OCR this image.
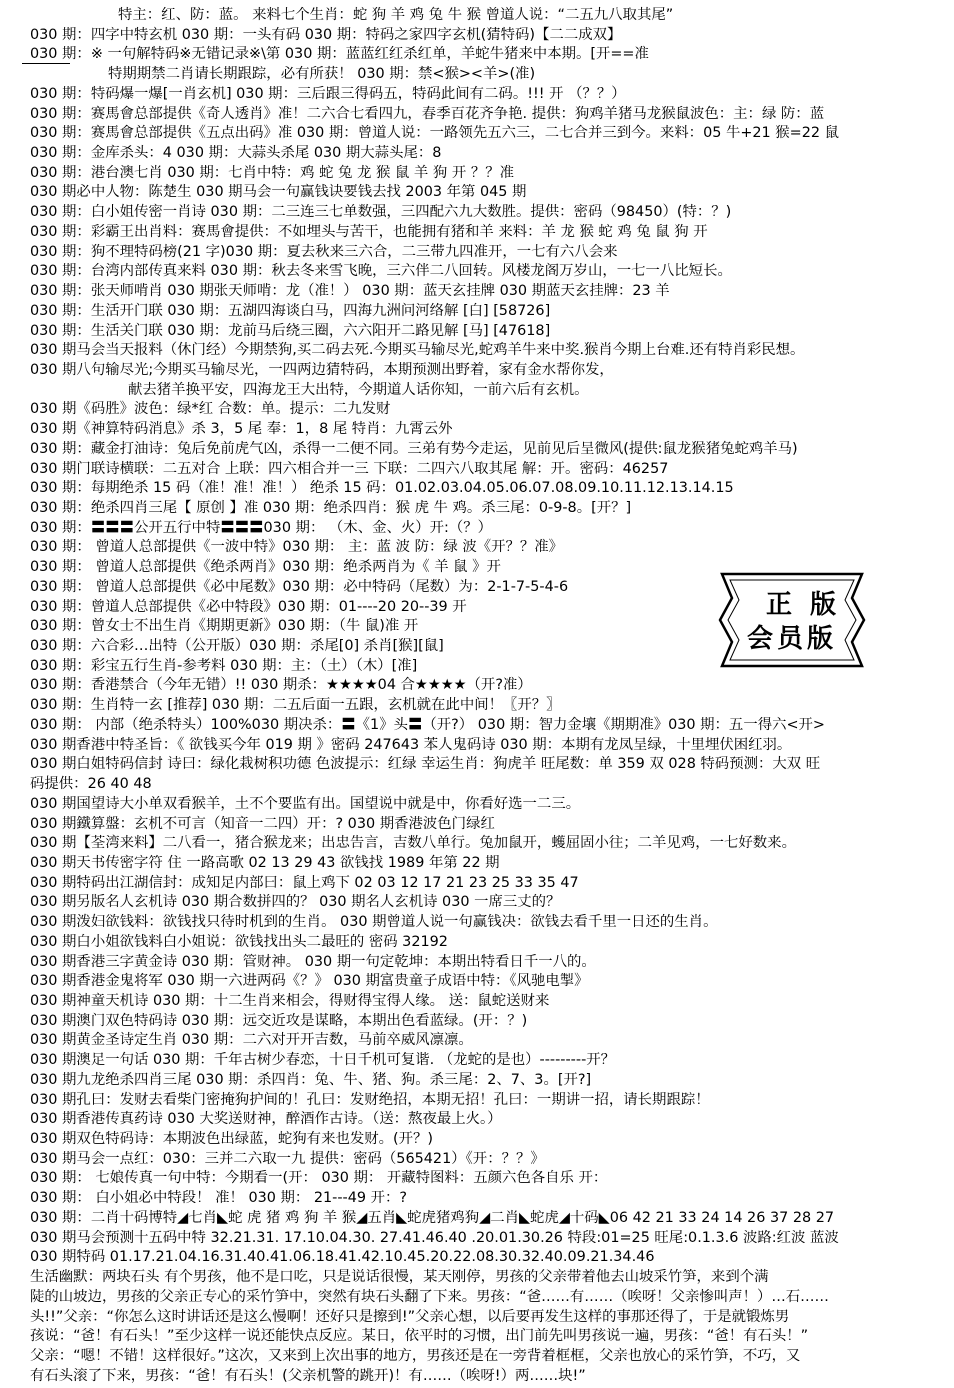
特主：红、防：蓝。 来料七个生肖：蛇 狗 羊 鸡 兔 牛 猴 曾道人说：“二五九八取其尾”
030 期：四字中特玄机 030 期：一头有码 030 期：特码之家四字玄机(猜特码)【二二成双】
030 期：※ 一句解特码※无错记录※\第 030 期：蓝蓝红红杀红单，羊蛇牛猪来中本期。[开==准
特期期禁二肖请长期跟踪，必有所获！ 030 期：禁<猴><羊>(准)
030 期：特码爆一爆[一肖玄机] 030 期：三后跟三得码五，特码此间有二码。!!! 开 （？？）
030 期：赛馬會总部提供《奇人透肖》准！二六合七看四九，春季百花齐争艳. 提供：狗鸡羊猪马龙猴鼠波色：主：绿 防：蓝
030 期：赛馬會总部提供《五点出码》准 030 期：曾道人说：一路领先五六三，二七合并三到今。来料：05 牛+21 猴=22 鼠
030 期：金库杀头：4 030 期：大蒜头杀尾 030 期大蒜头尾：8
030 期：港台澳七肖 030 期：七肖中特：鸡 蛇 兔 龙 猴 鼠 羊 狗 开 ？？准
030 期必中人物：陈楚生 030 期马会一句赢钱诀要钱去找 2003 年第 045 期
030 期：白小姐传密一肖诗 030 期：二三连三七单数强，三四配六九大数胜。提供：密码（98450）(特：？)
030 期：彩霸王出肖料：赛馬會提供：不如埋头与苦干，也能拥有猪和羊 来料：羊 龙 猴 蛇 鸡 兔 鼠 狗 开
030 期：狗不理特码榜(21 字)030 期：夏去秋来三六合，二三带九四准开，一七有六八会来
030 期：台湾内部传真来料 030 期：秋去冬来雪飞晚，三六伴二八回转。风楼龙阁万岁山，一七一八比短长。
030 期：张天师啃肖 030 期张天师啃：龙（准！） 030 期：蓝天玄挂牌 030 期蓝天玄挂牌：23 羊
030 期：生活开门联 030 期：五湖四海谈白马，四海九洲问河络解 [白] [58726]
030 期：生活关门联 030 期：龙前马后绕三圈，六六阳开二路见解 [马] [47618]
030 期马会当天报料（休门经）今期禁狗,买二码去死.今期买马输尽光,蛇鸡羊牛来中奖.猴肖今期上台难.还有特肖彩民想。
030 期八句输尽光;今期买马输尽光，一四两边猜特码，本期预测出野着，家有金水帮你发，
献去猪羊换平安，四海龙王大出特，今期道人话你知，一前六后有玄机。
030 期《码胜》波色：绿*红 合数：单。提示：二九发财
030 期《神算特码消息》杀 3，5 尾 奉：1，8 尾 特肖：九霄云外
030 期：藏金打油诗：兔后免前虎气凶，杀得一二便不同。三弟有势今走运，见前见后呈微风(提供:鼠龙猴猪兔蛇鸡羊马)
030 期门联诗横联：二五对合 上联：四六相合并一三 下联：二四六八取其尾 解：开。密码：46257
030 期：每期绝杀 15 码（准！准！准！） 绝杀 15 码：01.02.03.04.05.06.07.08.09.10.11.12.13.14.15
030 期：绝杀四肖三尾【 原创 】准 030 期：绝杀四肖：猴 虎 牛 鸡。杀三尾：0-9-8。[开？]
030 期：〓〓〓公开五行中特〓〓〓030 期： （木、金、火）开:（？）
030 期： 曾道人总部提供《一波中特》030 期： 主：蓝 波 防：绿 波《开？？准》
030 期： 曾道人总部提供《绝杀两肖》030 期：绝杀两肖为《 羊 鼠 》开
030 期： 曾道人总部提供《必中尾数》030 期：必中特码（尾数）为：2-1-7-5-4-6
030 期：曾道人总部提供《必中特段》030 期：01----20 20--39 开
030 期：曾女士不出生肖《期期更新》030 期：（牛 鼠)准 开
030 期：六合彩…出特（公开版）030 期：杀尾[0] 杀肖[猴][鼠]
030 期：彩宝五行生肖-参考料 030 期：主：（土）（木）[准]
030 期：香港禁合（今年无错）!! 030 期杀：★★★★04 合★★★★（开?准）
030 期：生肖特一玄 [推荐] 030 期：二五后面一五跟，玄机就在此中间！〖开？〗
030 期： 内部（绝杀特头）100%030 期决杀：〓《1》头〓（开?） 030 期：智力金壤《期期准》030 期：五一得六<开>
030 期香港中特圣旨：《 欲钱买今年 019 期 》密码 247643 苯人鬼码诗 030 期：本期有龙凤呈绿，十里埋伏困红羽。
030 期白姐特码信封 诗曰：绿化栽树积功德 色波提示：红绿 幸运生肖：狗虎羊 旺尾数：单 359 双 028 特码预测：大双 旺
码提供：26 40 48
030 期国望诗大小单双看猴羊，土不个要监有出。国望说中就是中，你看好选一二三。
030 期鐵算盤：玄机不可言（知音一二四）开：? 030 期香港波色门绿红
030 期【荃湾来料】二八看一，猪合猴龙来；出忠告言，吉数八单行。兔加鼠开，蠖屈固小往；二羊见鸡，一七好数来。
030 期天书传密字符 住 一路高歌 02 13 29 43 欲钱找 1989 年第 22 期
030 期特码出江湖信封：成知足内部曰：鼠上鸡下 02 03 12 17 21 23 25 33 35 47
030 期另版名人玄机诗 030 期合数拼四的？ 030 期名人玄机诗 030 一席三丈的？
030 期泼妇欲钱料：欲钱找只待时机到的生肖。 030 期曾道人说一句赢钱决：欲钱去看千里一日还的生肖。
030 期白小姐欲钱料白小姐说：欲钱找出头二最旺的 密码 32192
030 期香港三字黄金诗 030 期：管财神。 030 期一句定乾坤：本期出特看日千一八的。
030 期香港金鬼将军 030 期一六进两码《？》 030 期富贵童子成语中特：《风驰电掣》
030 期神童天机诗 030 期：十二生肖来相会，得财得宝得人缘。 送：鼠蛇送财来
030 期澳门双色特码诗 030 期：远交近攻是谋略，本期出色看蓝绿。(开：？)
030 期黄金圣诗定生肖 030 期：二六对开开吉数，马前卒威风凛凛。
030 期澳足一句话 030 期：千年古树少春恋，十日千机可复谐. （龙蛇的是也）---------开？
030 期九龙绝杀四肖三尾 030 期：杀四肖：兔、牛、猪、狗。杀三尾：2、7、3。[开?]
030 期孔曰：发财去看柴门密掩狗护间的！孔曰：发财绝招，本期无招！孔曰：一期讲一招，请长期跟踪！
030 期香港传真药诗 030 大奖送财神，醉酒作古诗。（送：熬夜最上火。）
030 期双色特码诗：本期波色出绿蓝，蛇狗有来也发财。(开？)
030 期马会一点红：030：三并二六取一九 提供：密码（565421）《开：？？》
030 期： 七娘传真一句中特：今期看一(开： 030 期： 开藏特图料：五颜六色各自乐 开：
030 期： 白小姐必中特段！ 准！ 030 期： 21---49 开：?
030 期：二肖十码博特◢七肖◣蛇 虎 猪 鸡 狗 羊 猴◢五肖◣蛇虎猪鸡狗◢二肖◣蛇虎◢十码◣06 42 21 33 24 14 26 37 28 27
030 期马会预测十五码中特 32.21.31. 17.10.04.30. 27.41.46.40 .20.01.30.26 特段:01=25 旺尾:0.1.3.6 波路:红波 蓝波
030 期特码 01.17.21.04.16.31.40.41.06.18.41.42.10.45.20.22.08.30.32.40.09.21.34.46
生活幽默：两块石头 有个男孩，他不是口吃，只是说话很慢，某天刚停，男孩的父亲带着他去山坡采竹笋，来到个满
陡的山坡边，男孩的父亲正专心的采竹笋中，突然有块石头翻了下来。男孩：“爸……有……（唉呀！父亲惨叫声！）…石……
头!!”父亲：“你怎么这时讲话还是这么慢啊！还好只是擦到!”父亲心想，以后要再发生这样的事那还得了，于是就锻炼男
孩说：“爸！有石头！”至少这样一说还能快点反应。某日，依平时的习惯，出门前先叫男孩说一遍，男孩：“爸！有石头！”
父亲：“嗯！不错！这样很好。”这次，又来到上次出事的地方，男孩还是在一旁背着框框，父亲也放心的采竹笋，不巧，又
有石头滚了下来，男孩：“爸！有石头！(父亲机警的跳开)！有……（唉呀!）两……块!”
正版
会员版
